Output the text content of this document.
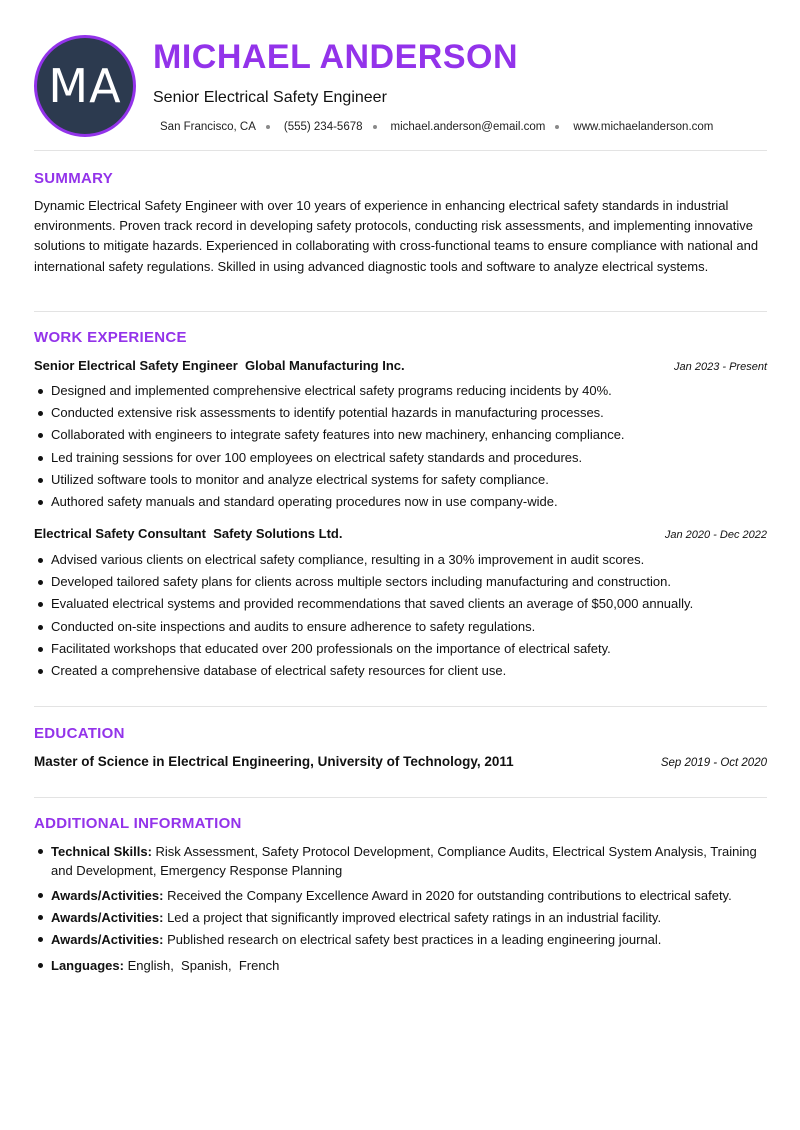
MA
MICHAEL ANDERSON
Senior Electrical Safety Engineer
San Francisco, CA (555) 234-5678 michael.anderson@email.com www.michaelanderson.com
SUMMARY
Dynamic Electrical Safety Engineer with over 10 years of experience in enhancing electrical safety standards in industrial environments. Proven track record in developing safety protocols, conducting risk assessments, and implementing innovative solutions to mitigate hazards. Experienced in collaborating with cross-functional teams to ensure compliance with national and international safety regulations. Skilled in using advanced diagnostic tools and software to analyze electrical systems.
WORK EXPERIENCE
Senior Electrical Safety Engineer Global Manufacturing Inc.	Jan 2023 - Present
Designed and implemented comprehensive electrical safety programs reducing incidents by 40%.
Conducted extensive risk assessments to identify potential hazards in manufacturing processes.
Collaborated with engineers to integrate safety features into new machinery, enhancing compliance.
Led training sessions for over 100 employees on electrical safety standards and procedures.
Utilized software tools to monitor and analyze electrical systems for safety compliance.
Authored safety manuals and standard operating procedures now in use company-wide.
Electrical Safety Consultant Safety Solutions Ltd.	Jan 2020 - Dec 2022
Advised various clients on electrical safety compliance, resulting in a 30% improvement in audit scores.
Developed tailored safety plans for clients across multiple sectors including manufacturing and construction.
Evaluated electrical systems and provided recommendations that saved clients an average of $50,000 annually.
Conducted on-site inspections and audits to ensure adherence to safety regulations.
Facilitated workshops that educated over 200 professionals on the importance of electrical safety.
Created a comprehensive database of electrical safety resources for client use.
EDUCATION
Master of Science in Electrical Engineering, University of Technology, 2011	Sep 2019 - Oct 2020
ADDITIONAL INFORMATION
Technical Skills: Risk Assessment, Safety Protocol Development, Compliance Audits, Electrical System Analysis, Training and Development, Emergency Response Planning
Awards/Activities: Received the Company Excellence Award in 2020 for outstanding contributions to electrical safety.
Awards/Activities: Led a project that significantly improved electrical safety ratings in an industrial facility.
Awards/Activities: Published research on electrical safety best practices in a leading engineering journal.
Languages: English,  Spanish,  French
